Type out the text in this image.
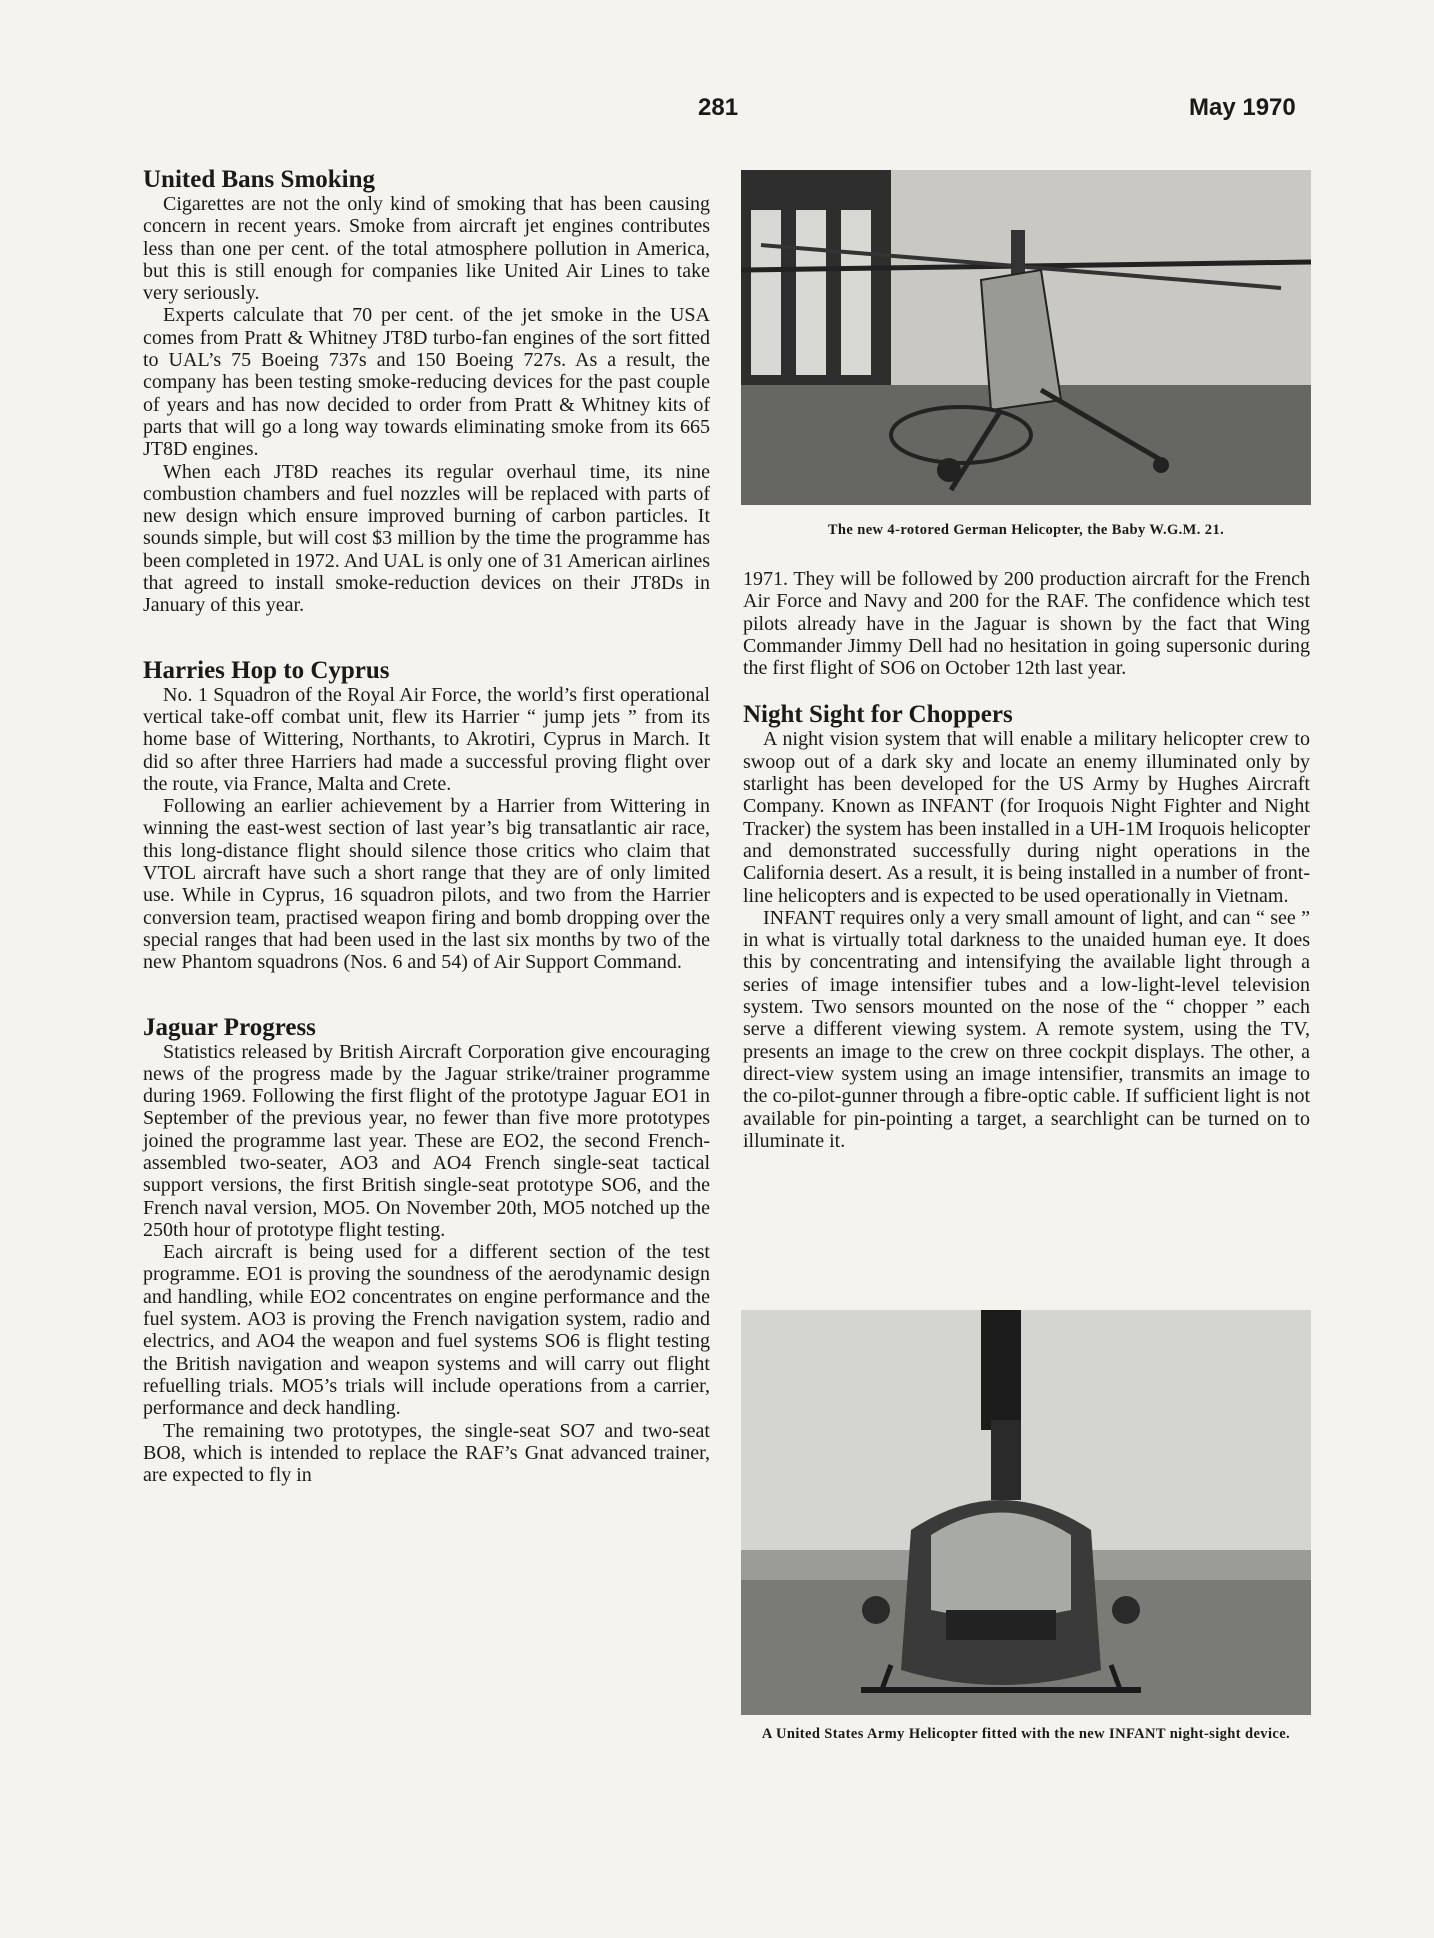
281	May 1970
United Bans Smoking

Cigarettes are not the only kind of smoking that has been causing concern in recent years. Smoke from aircraft jet engines contributes less than one per cent. of the total atmosphere pollution in America, but this is still enough for companies like United Air Lines to take very seriously.

Experts calculate that 70 per cent. of the jet smoke in the USA comes from Pratt & Whitney JT8D turbo-fan engines of the sort fitted to UAL’s 75 Boeing 737s and 150 Boeing 727s. As a result, the company has been testing smoke-reducing devices for the past couple of years and has now decided to order from Pratt & Whitney kits of parts that will go a long way towards eliminating smoke from its 665 JT8D engines.

When each JT8D reaches its regular overhaul time, its nine combustion chambers and fuel nozzles will be replaced with parts of new design which ensure improved burning of carbon particles. It sounds simple, but will cost $3 million by the time the programme has been completed in 1972. And UAL is only one of 31 American airlines that agreed to install smoke-reduction devices on their JT8Ds in January of this year.

Harries Hop to Cyprus

No. 1 Squadron of the Royal Air Force, the world’s first operational vertical take-off combat unit, flew its Harrier “ jump jets ” from its home base of Wittering, Northants, to Akrotiri, Cyprus in March. It did so after three Harriers had made a successful proving flight over the route, via France, Malta and Crete.

Following an earlier achievement by a Harrier from Wittering in winning the east-west section of last year’s big transatlantic air race, this long-distance flight should silence those critics who claim that VTOL aircraft have such a short range that they are of only limited use. While in Cyprus, 16 squadron pilots, and two from the Harrier conversion team, practised weapon firing and bomb dropping over the special ranges that had been used in the last six months by two of the new Phantom squadrons (Nos. 6 and 54) of Air Support Command.

Jaguar Progress

Statistics released by British Aircraft Corporation give encouraging news of the progress made by the Jaguar strike/trainer programme during 1969. Following the first flight of the prototype Jaguar EO1 in September of the previous year, no fewer than five more prototypes joined the programme last year. These are EO2, the second French-assembled two-seater, AO3 and AO4 French single-seat tactical support versions, the first British single-seat prototype SO6, and the French naval version, MO5. On November 20th, MO5 notched up the 250th hour of prototype flight testing.

Each aircraft is being used for a different section of the test programme. EO1 is proving the soundness of the aerodynamic design and handling, while EO2 concentrates on engine performance and the fuel system. AO3 is proving the French navigation system, radio and electrics, and AO4 the weapon and fuel systems SO6 is flight testing the British navigation and weapon systems and will carry out flight refuelling trials. MO5’s trials will include operations from a carrier, performance and deck handling.

The remaining two prototypes, the single-seat SO7 and two-seat BO8, which is intended to replace the RAF’s Gnat advanced trainer, are expected to fly in

The new 4-rotored German Helicopter, the Baby W.G.M. 21.

1971. They will be followed by 200 production aircraft for the French Air Force and Navy and 200 for the RAF. The confidence which test pilots already have in the Jaguar is shown by the fact that Wing Commander Jimmy Dell had no hesitation in going supersonic during the first flight of SO6 on October 12th last year.

Night Sight for Choppers

A night vision system that will enable a military helicopter crew to swoop out of a dark sky and locate an enemy illuminated only by starlight has been developed for the US Army by Hughes Aircraft Company. Known as INFANT (for Iroquois Night Fighter and Night Tracker) the system has been installed in a UH-1M Iroquois helicopter and demonstrated successfully during night operations in the California desert. As a result, it is being installed in a number of front-line helicopters and is expected to be used operationally in Vietnam.

INFANT requires only a very small amount of light, and can “ see ” in what is virtually total darkness to the unaided human eye. It does this by concentrating and intensifying the available light through a series of image intensifier tubes and a low-light-level television system. Two sensors mounted on the nose of the “ chopper ” each serve a different viewing system. A remote system, using the TV, presents an image to the crew on three cockpit displays. The other, a direct-view system using an image intensifier, transmits an image to the co-pilot-gunner through a fibre-optic cable. If sufficient light is not available for pin-pointing a target, a searchlight can be turned on to illuminate it.

A United States Army Helicopter fitted with the new INFANT night-sight device.
